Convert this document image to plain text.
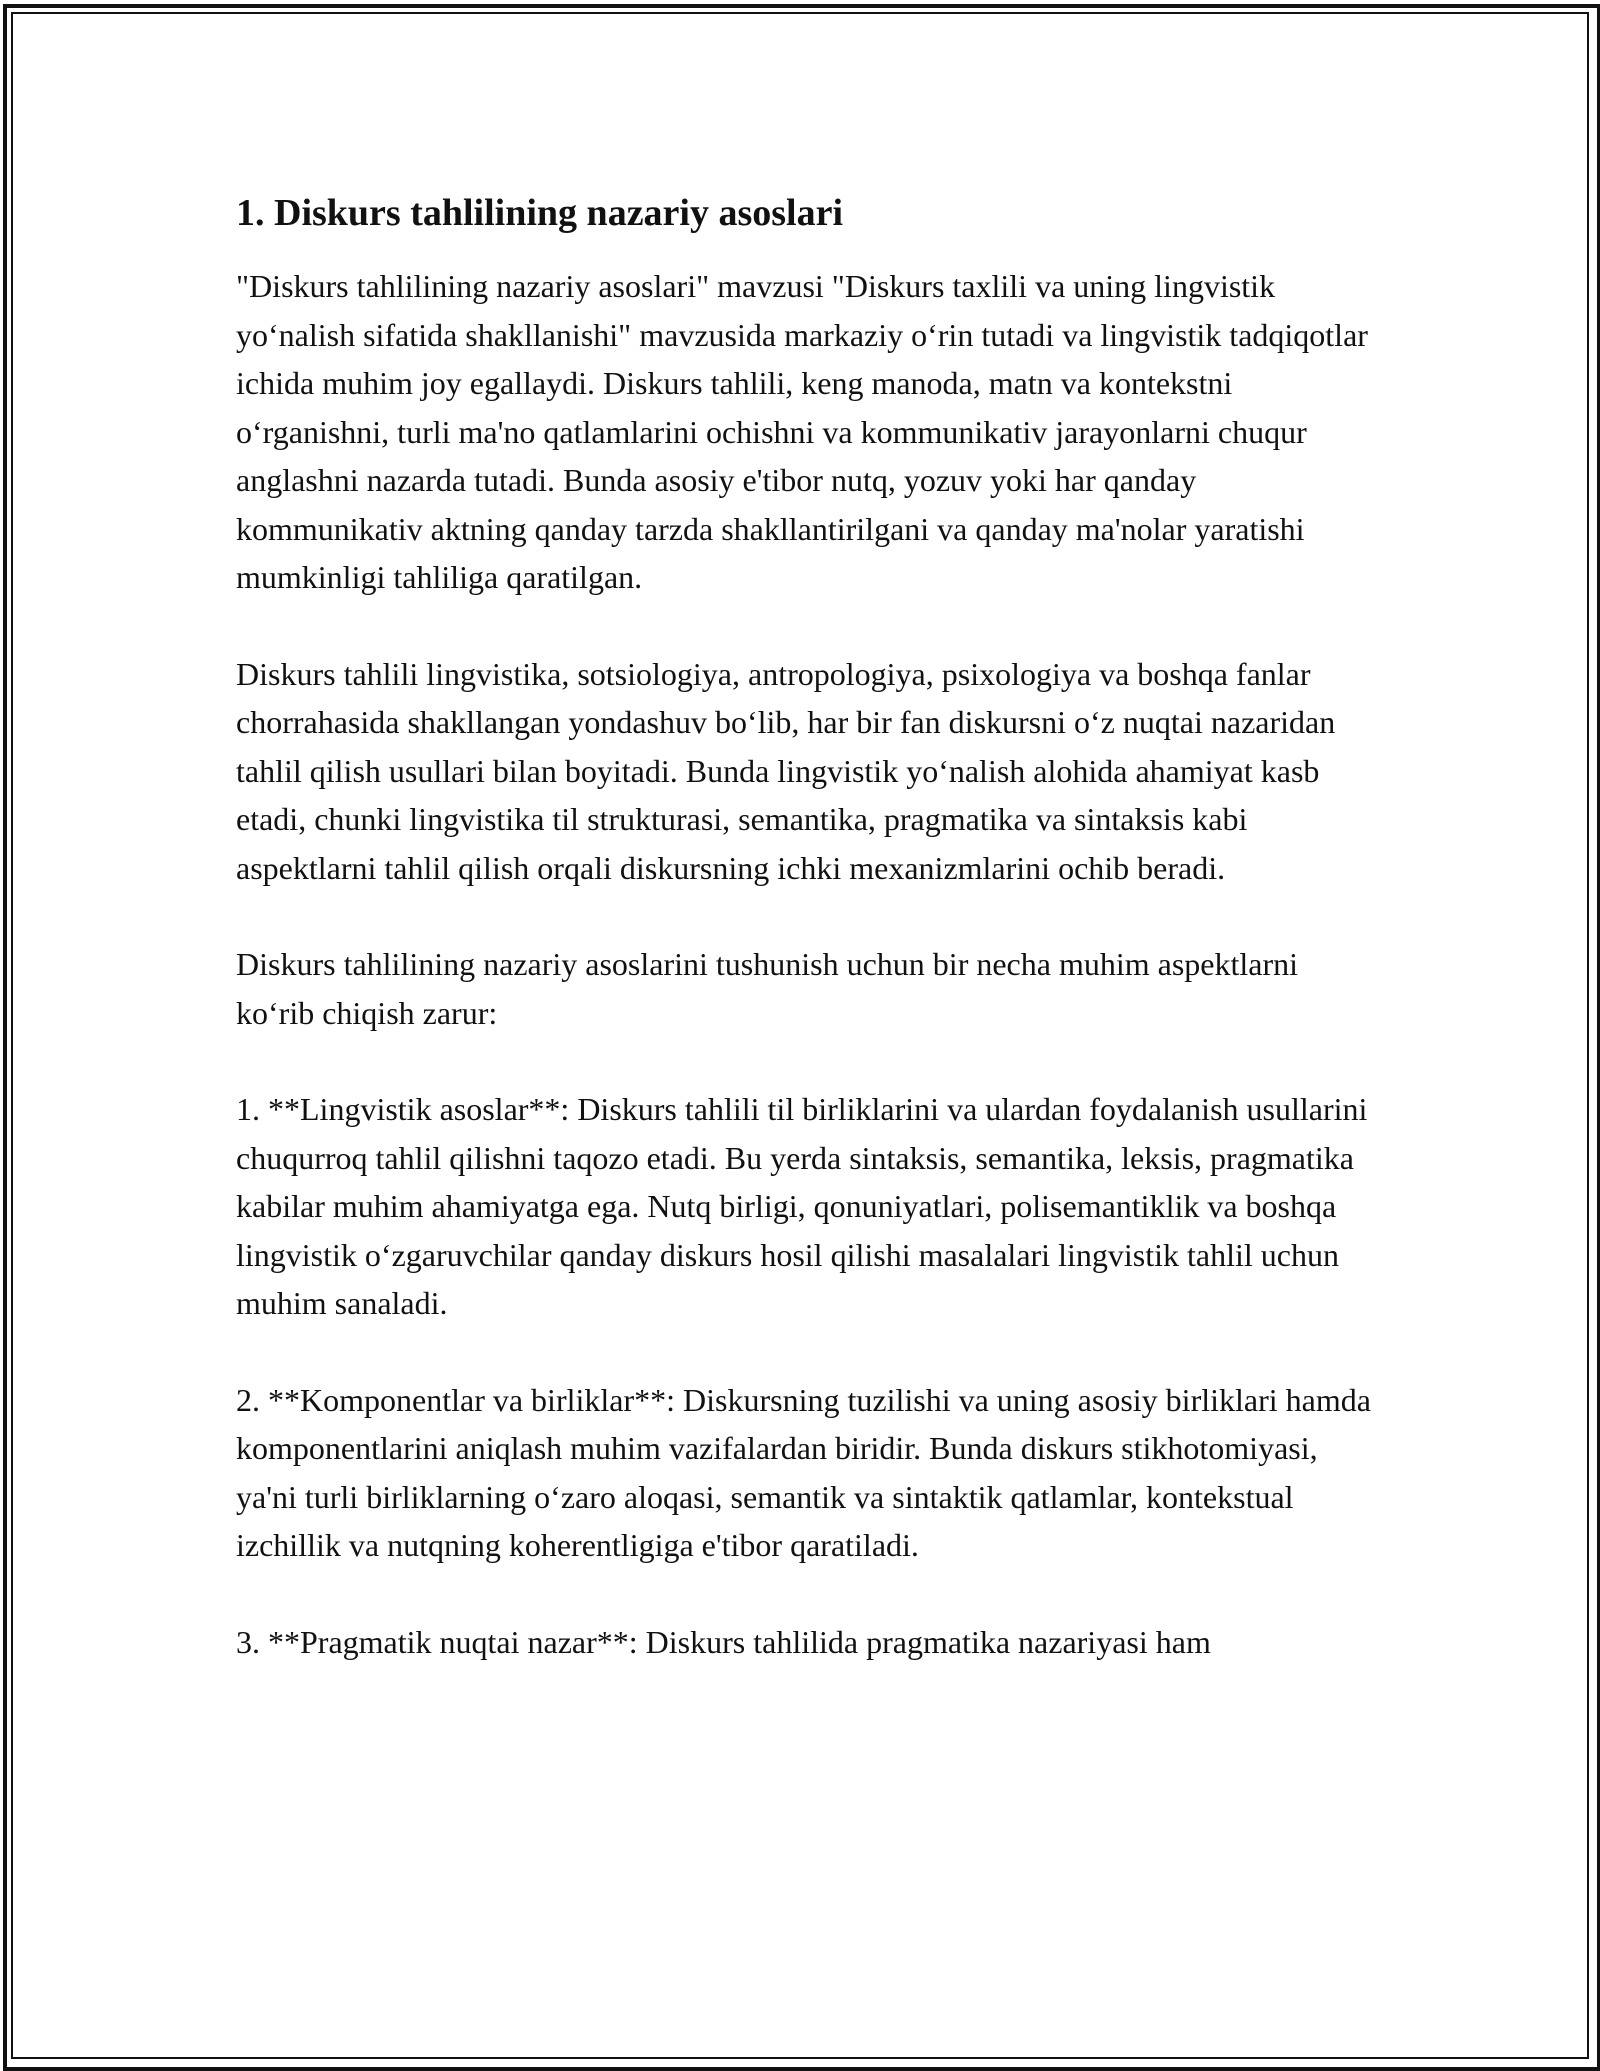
1. Diskurs tahlilining nazariy asoslari

"Diskurs tahlilining nazariy asoslari" mavzusi "Diskurs taxlili va uning lingvistik yo‘nalish sifatida shakllanishi" mavzusida markaziy o‘rin tutadi va lingvistik tadqiqotlar ichida muhim joy egallaydi. Diskurs tahlili, keng manoda, matn va kontekstni o‘rganishni, turli ma'no qatlamlarini ochishni va kommunikativ jarayonlarni chuqur anglashni nazarda tutadi. Bunda asosiy e'tibor nutq, yozuv yoki har qanday kommunikativ aktning qanday tarzda shakllantirilgani va qanday ma'nolar yaratishi mumkinligi tahliliga qaratilgan.

Diskurs tahlili lingvistika, sotsiologiya, antropologiya, psixologiya va boshqa fanlar chorrahasida shakllangan yondashuv bo‘lib, har bir fan diskursni o‘z nuqtai nazaridan tahlil qilish usullari bilan boyitadi. Bunda lingvistik yo‘nalish alohida ahamiyat kasb etadi, chunki lingvistika til strukturasi, semantika, pragmatika va sintaksis kabi aspektlarni tahlil qilish orqali diskursning ichki mexanizmlarini ochib beradi.

Diskurs tahlilining nazariy asoslarini tushunish uchun bir necha muhim aspektlarni ko‘rib chiqish zarur:

1. **Lingvistik asoslar**: Diskurs tahlili til birliklarini va ulardan foydalanish usullarini chuqurroq tahlil qilishni taqozo etadi. Bu yerda sintaksis, semantika, leksis, pragmatika kabilar muhim ahamiyatga ega. Nutq birligi, qonuniyatlari, polisemantiklik va boshqa lingvistik o‘zgaruvchilar qanday diskurs hosil qilishi masalalari lingvistik tahlil uchun muhim sanaladi.

2. **Komponentlar va birliklar**: Diskursning tuzilishi va uning asosiy birliklari hamda komponentlarini aniqlash muhim vazifalardan biridir. Bunda diskurs stikhotomiyasi, ya'ni turli birliklarning o‘zaro aloqasi, semantik va sintaktik qatlamlar, kontekstual izchillik va nutqning koherentligiga e'tibor qaratiladi.

3. **Pragmatik nuqtai nazar**: Diskurs tahlilida pragmatika nazariyasi ham
